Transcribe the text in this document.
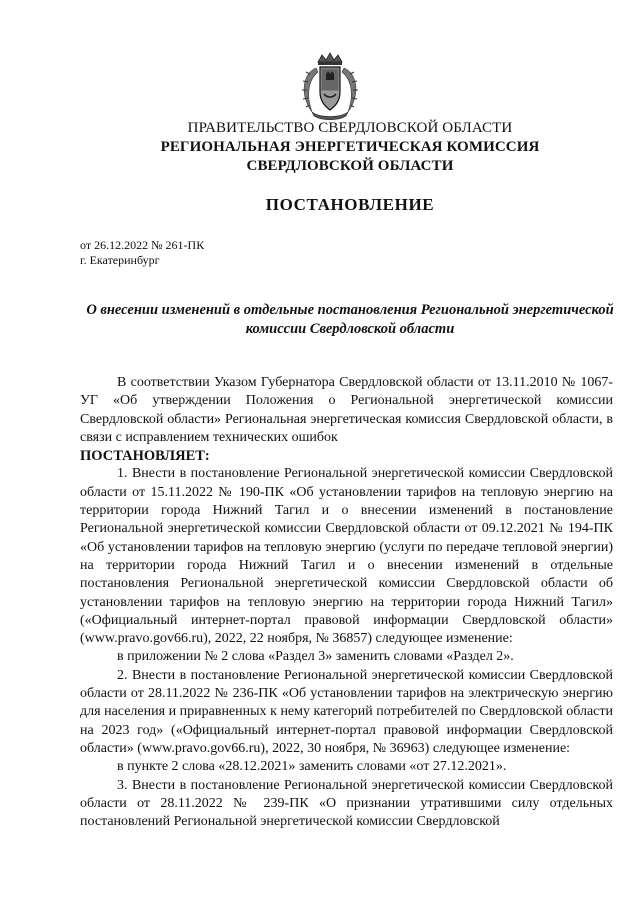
ПРАВИТЕЛЬСТВО СВЕРДЛОВСКОЙ ОБЛАСТИ
РЕГИОНАЛЬНАЯ ЭНЕРГЕТИЧЕСКАЯ КОМИССИЯ
СВЕРДЛОВСКОЙ ОБЛАСТИ
ПОСТАНОВЛЕНИЕ
от 26.12.2022 № 261-ПК
г. Екатеринбург
О внесении изменений в отдельные постановления Региональной энергетической комиссии Свердловской области

В соответствии Указом Губернатора Свердловской области от 13.11.2010 № 1067-УГ «Об утверждении Положения о Региональной энергетической комиссии Свердловской области» Региональная энергетическая комиссия Свердловской области, в связи с исправлением технических ошибок

ПОСТАНОВЛЯЕТ:

1. Внести в постановление Региональной энергетической комиссии Свердловской области от 15.11.2022 № 190-ПК «Об установлении тарифов на тепловую энергию на территории города Нижний Тагил и о внесении изменений в постановление Региональной энергетической комиссии Свердловской области от 09.12.2021 № 194-ПК «Об установлении тарифов на тепловую энергию (услуги по передаче тепловой энергии) на территории города Нижний Тагил и о внесении изменений в отдельные постановления Региональной энергетической комиссии Свердловской области об установлении тарифов на тепловую энергию на территории города Нижний Тагил» («Официальный интернет-портал правовой информации Свердловской области» (www.pravo.gov66.ru), 2022, 22 ноября, № 36857) следующее изменение:

в приложении № 2 слова «Раздел 3» заменить словами «Раздел 2».

2. Внести в постановление Региональной энергетической комиссии Свердловской области от 28.11.2022 № 236-ПК «Об установлении тарифов на электрическую энергию для населения и приравненных к нему категорий потребителей по Свердловской области на 2023 год» («Официальный интернет-портал правовой информации Свердловской области» (www.pravo.gov66.ru), 2022, 30 ноября, № 36963) следующее изменение:

в пункте 2 слова «28.12.2021» заменить словами «от 27.12.2021».

3. Внести в постановление Региональной энергетической комиссии Свердловской области от 28.11.2022 № 239-ПК «О признании утратившими силу отдельных постановлений Региональной энергетической комиссии Свердловской
